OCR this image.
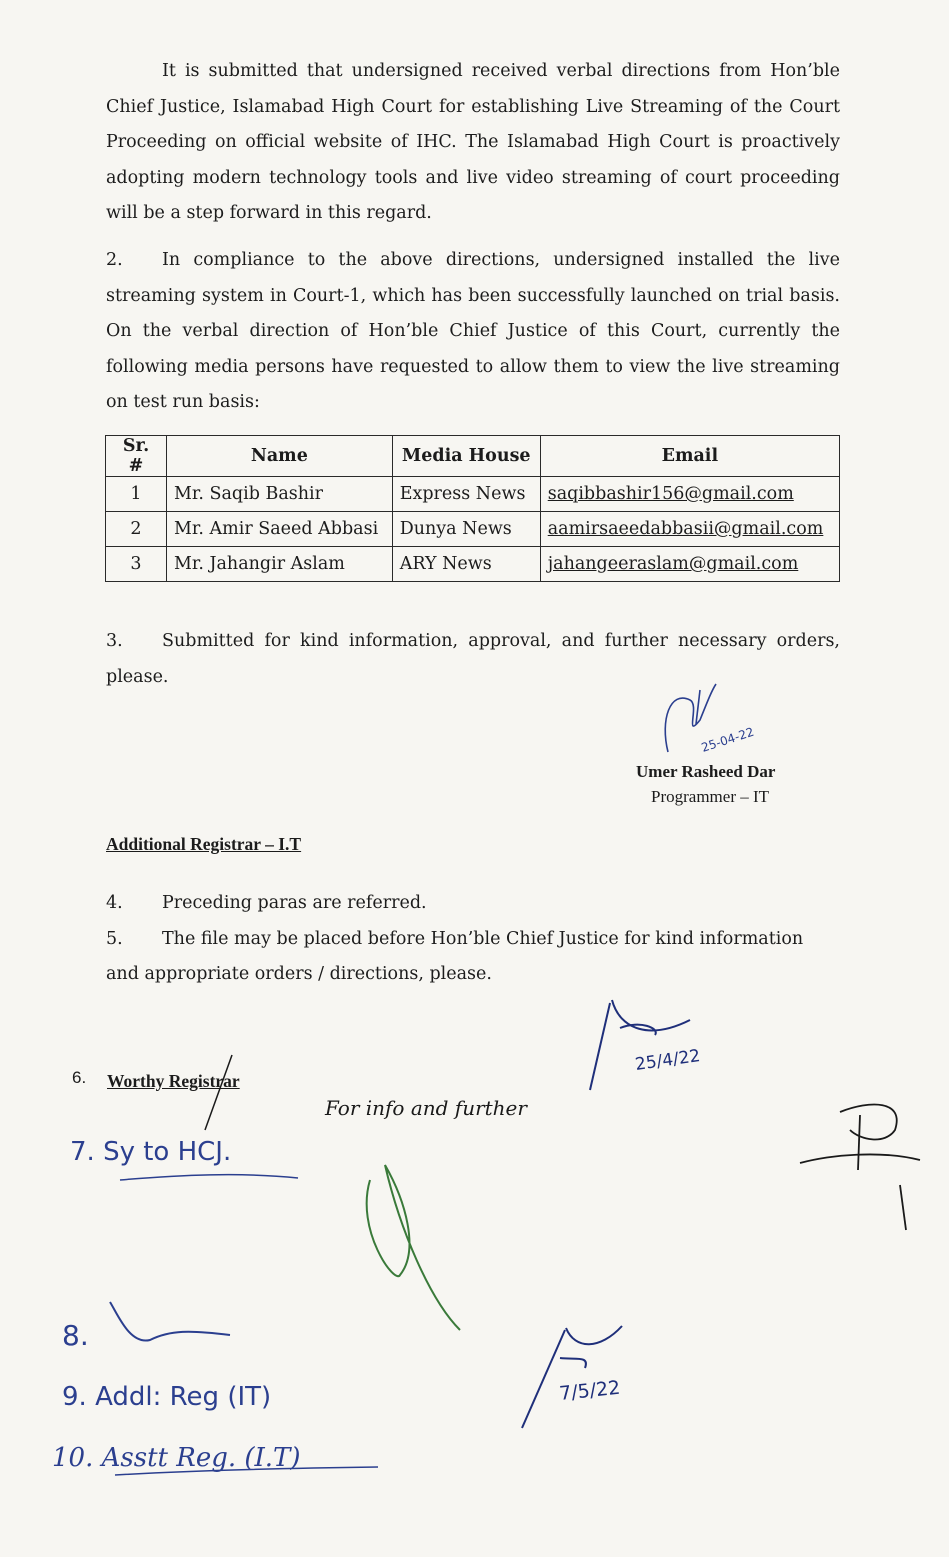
It is submitted that undersigned received verbal directions from Hon’ble Chief Justice, Islamabad High Court for establishing Live Streaming of the Court Proceeding on official website of IHC. The Islamabad High Court is proactively adopting modern technology tools and live video streaming of court proceeding will be a step forward in this regard.

2. In compliance to the above directions, undersigned installed the live streaming system in Court-1, which has been successfully launched on trial basis. On the verbal direction of Hon’ble Chief Justice of this Court, currently the following media persons have requested to allow them to view the live streaming on test run basis:

Sr. #	Name	Media House	Email
1	Mr. Saqib Bashir	Express News	saqibbashir156@gmail.com
2	Mr. Amir Saeed Abbasi	Dunya News	aamirsaeedabbasii@gmail.com
3	Mr. Jahangir Aslam	ARY News	jahangeeraslam@gmail.com

3. Submitted for kind information, approval, and further necessary orders, please.

Umer Rasheed Dar
Programmer – IT
Additional Registrar – I.T
4. Preceding paras are referred.
5. The file may be placed before Hon’ble Chief Justice for kind information
and appropriate orders / directions, please.
6. Worthy Registrar
25-04-22
25/4/22
For info and further
7. Sy to HCJ.
8.
9. Addl: Reg (IT)
10. Asstt Reg. (I.T)
7/5/22
